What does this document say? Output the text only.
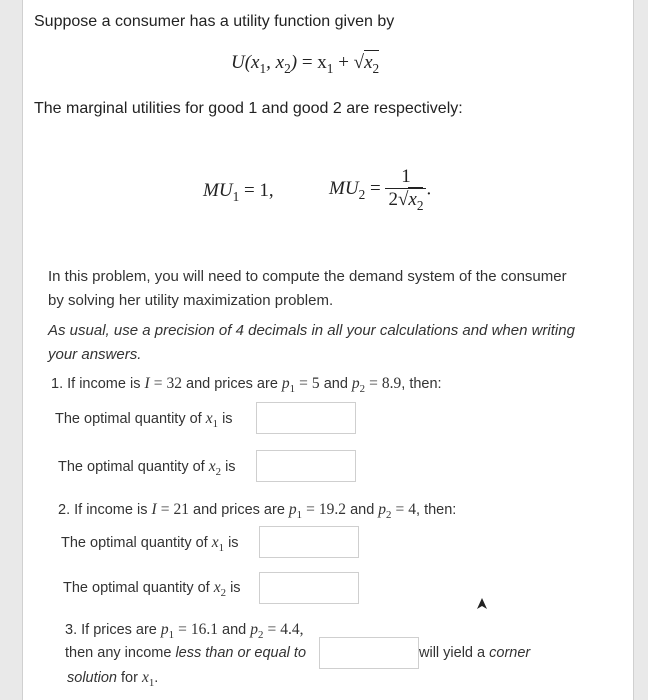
Suppose a consumer has a utility function given by
$U(x_1$, $x_2) = x_1 + √x_2$
The marginal utilities for good 1 and good 2 are respectively:
$MU_1 = 1$,	$MU_2 = \frac{1}{2√x_2}$ .
In this problem, you will need to compute the demand system of the consumer
by solving her utility maximization problem.
As usual, use a precision of 4 decimals in all your calculations and when writing
your answers.
1. If income is I = 32 and prices are $p_1 = 5$ and $p_2 = 8.9$, then:
The optimal quantity of $x_1$ is
The optimal quantity of $x_2$ is
2. If income is I = 21 and prices are $p_1 = 19.2$ and $p_2 = 4$, then:
The optimal quantity of $x_1$ is
The optimal quantity of $x_2$ is
3. If prices are $p_1 = 16.1$ and $p_2 = 4.4$,
then any income less than or equal to	will yield a corner
solution for $x_1$.
